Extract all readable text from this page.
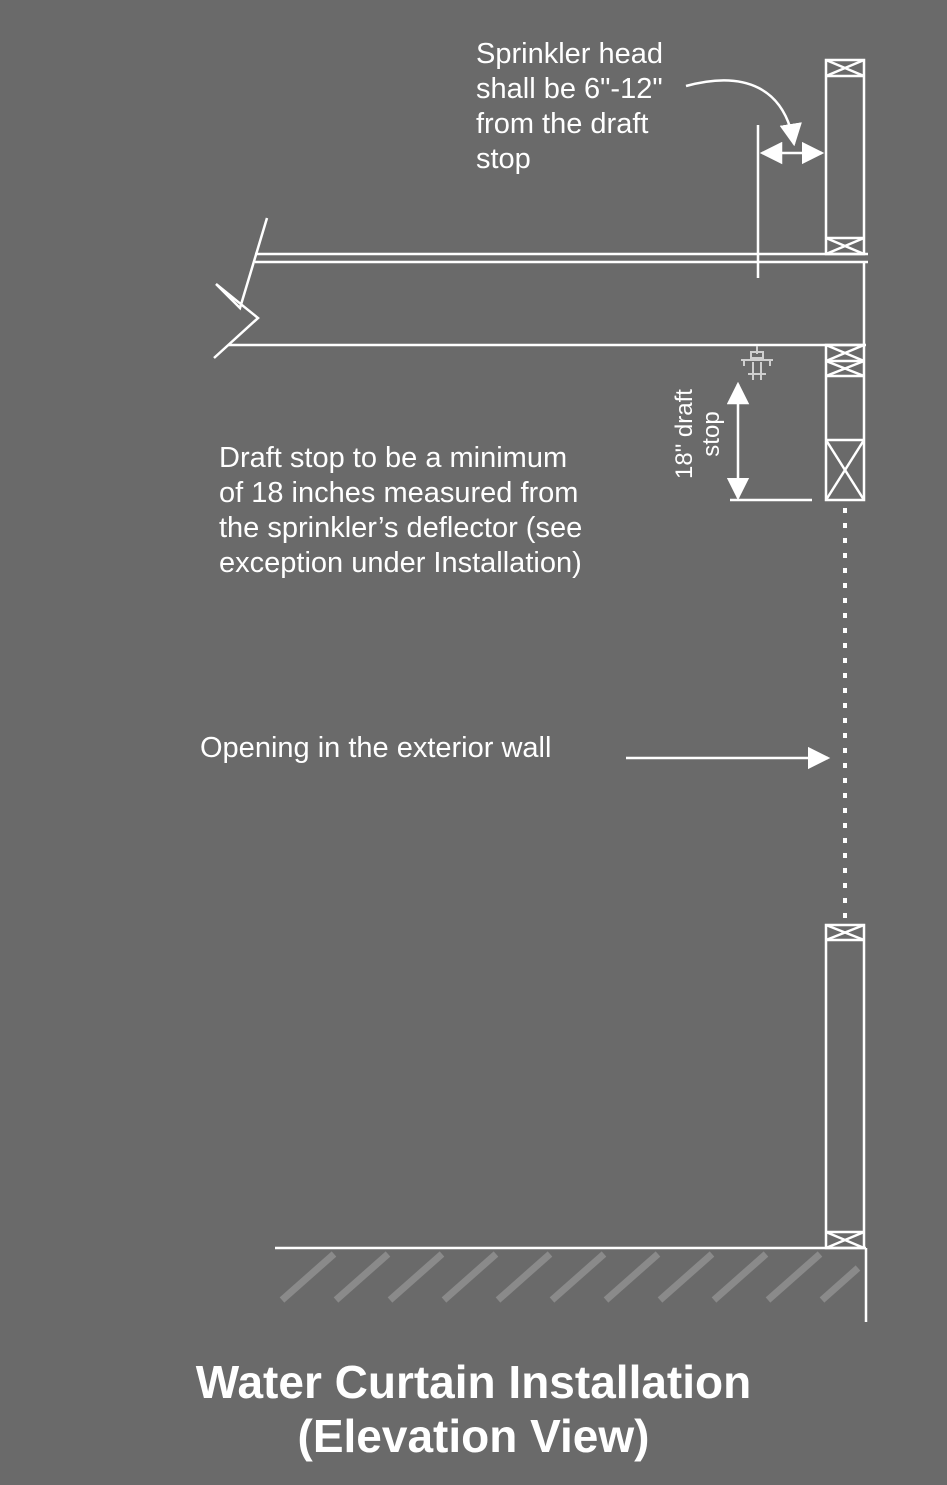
Sprinkler head
shall be 6"-12"
from the draft
stop
Draft stop to be a minimum
of 18 inches measured from
the sprinkler’s deflector (see
exception under Installation)
Opening in the exterior wall
18" draft stop
Water Curtain Installation
(Elevation View)
